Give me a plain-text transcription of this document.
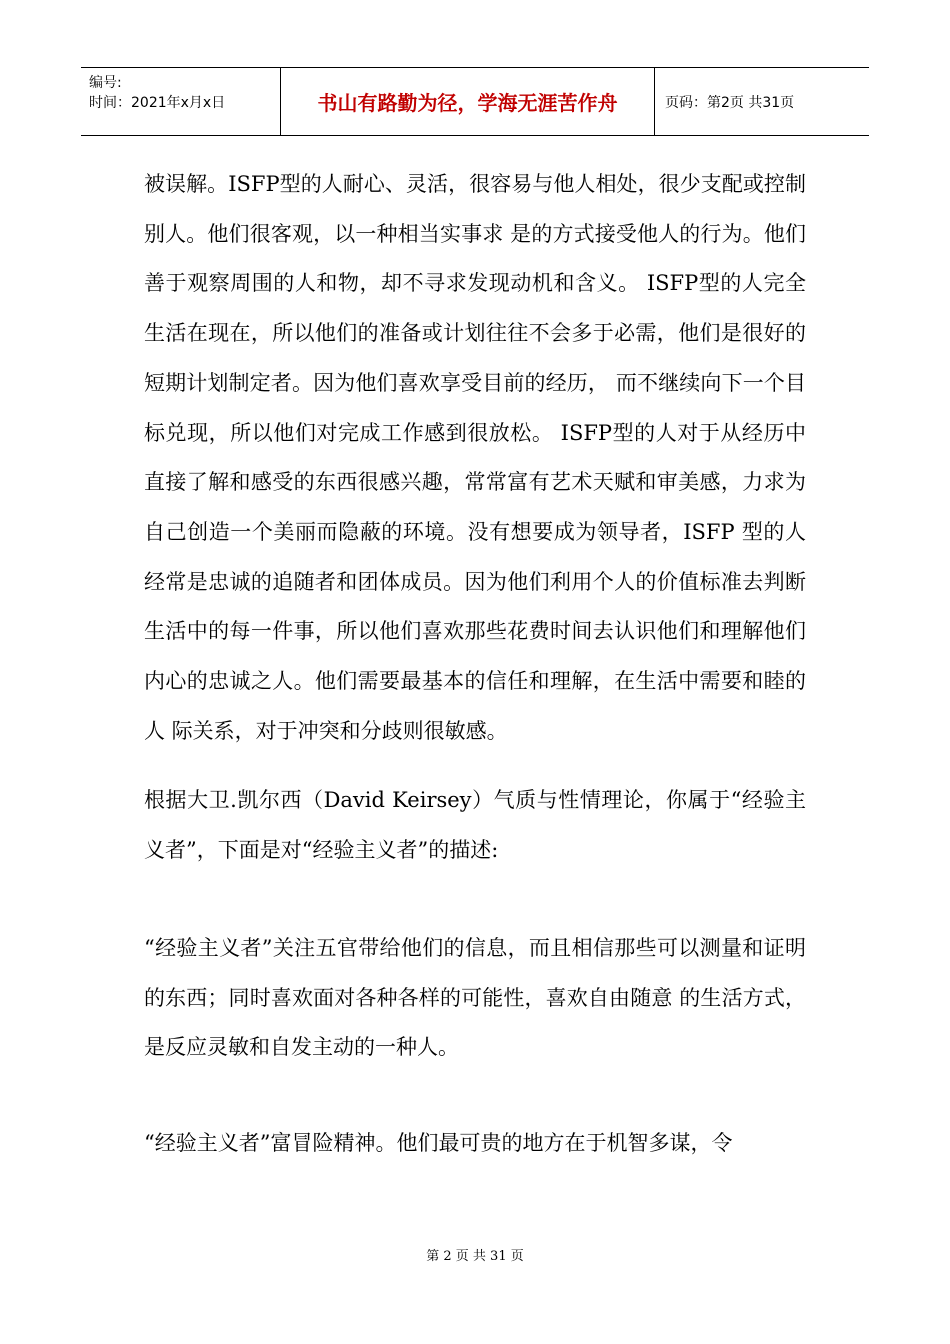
编号:
时间：2021年x月x日	书山有路勤为径，学海无涯苦作舟	页码：第2页 共31页

被误解。ISFP型的人耐心、灵活，很容易与他人相处，很少支配或控制别人。他们很客观，以一种相当实事求 是的方式接受他人的行为。他们善于观察周围的人和物，却不寻求发现动机和含义。 ISFP型的人完全生活在现在，所以他们的准备或计划往往不会多于必需，他们是很好的短期计划制定者。因为他们喜欢享受目前的经历， 而不继续向下一个目标兑现，所以他们对完成工作感到很放松。 ISFP型的人对于从经历中直接了解和感受的东西很感兴趣，常常富有艺术天赋和审美感，力求为自己创造一个美丽而隐蔽的环境。没有想要成为领导者，ISFP 型的人经常是忠诚的追随者和团体成员。因为他们利用个人的价值标准去判断生活中的每一件事，所以他们喜欢那些花费时间去认识他们和理解他们内心的忠诚之人。他们需要最基本的信任和理解，在生活中需要和睦的人 际关系，对于冲突和分歧则很敏感。

根据大卫.凯尔西（David Keirsey）气质与性情理论，你属于“经验主义者”，下面是对“经验主义者”的描述:

“经验主义者”关注五官带给他们的信息，而且相信那些可以测量和证明的东西；同时喜欢面对各种各样的可能性，喜欢自由随意 的生活方式，是反应灵敏和自发主动的一种人。

“经验主义者”富冒险精神。他们最可贵的地方在于机智多谋，令

第 2 页 共 31 页
